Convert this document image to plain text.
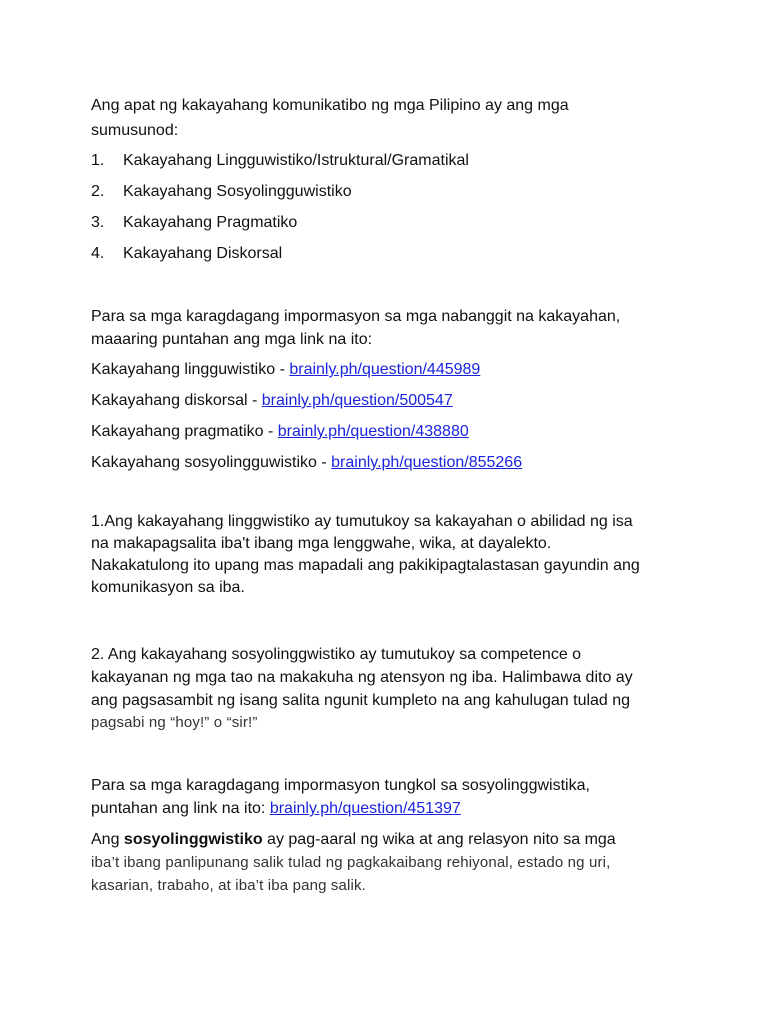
Ang apat ng kakayahang komunikatibo ng mga Pilipino ay ang mga
sumusunod:
1. Kakayahang Lingguwistiko/Istruktural/Gramatikal
2. Kakayahang Sosyolingguwistiko
3. Kakayahang Pragmatiko
4. Kakayahang Diskorsal
Para sa mga karagdagang impormasyon sa mga nabanggit na kakayahan,
maaaring puntahan ang mga link na ito:
Kakayahang lingguwistiko - brainly.ph/question/445989
Kakayahang diskorsal - brainly.ph/question/500547
Kakayahang pragmatiko - brainly.ph/question/438880
Kakayahang sosyolingguwistiko - brainly.ph/question/855266
1.Ang kakayahang linggwistiko ay tumutukoy sa kakayahan o abilidad ng isa
na makapagsalita iba't ibang mga lenggwahe, wika, at dayalekto.
Nakakatulong ito upang mas mapadali ang pakikipagtalastasan gayundin ang
komunikasyon sa iba.
2. Ang kakayahang sosyolinggwistiko ay tumutukoy sa competence o
kakayanan ng mga tao na makakuha ng atensyon ng iba. Halimbawa dito ay
ang pagsasambit ng isang salita ngunit kumpleto na ang kahulugan tulad ng
pagsabi ng “hoy!” o “sir!”
Para sa mga karagdagang impormasyon tungkol sa sosyolinggwistika,
puntahan ang link na ito: brainly.ph/question/451397
Ang sosyolinggwistiko ay pag-aaral ng wika at ang relasyon nito sa mga
iba’t ibang panlipunang salik tulad ng pagkakaibang rehiyonal, estado ng uri,
kasarian, trabaho, at iba’t iba pang salik.
